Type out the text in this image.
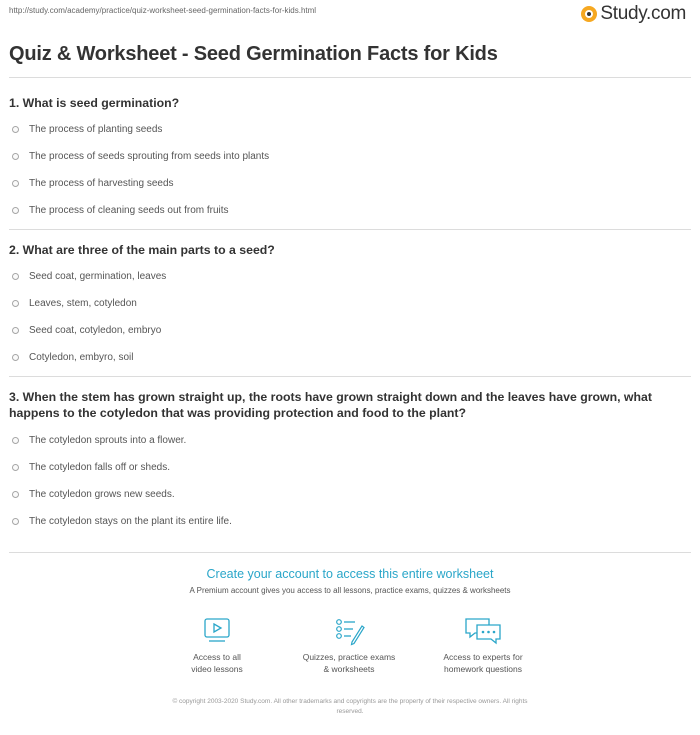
http://study.com/academy/practice/quiz-worksheet-seed-germination-facts-for-kids.html	Study.com
Quiz & Worksheet - Seed Germination Facts for Kids
1. What is seed germination?
The process of planting seeds
The process of seeds sprouting from seeds into plants
The process of harvesting seeds
The process of cleaning seeds out from fruits
2. What are three of the main parts to a seed?
Seed coat, germination, leaves
Leaves, stem, cotyledon
Seed coat, cotyledon, embryo
Cotyledon, embyro, soil
3. When the stem has grown straight up, the roots have grown straight down and the leaves have grown, what happens to the cotyledon that was providing protection and food to the plant?
The cotyledon sprouts into a flower.
The cotyledon falls off or sheds.
The cotyledon grows new seeds.
The cotyledon stays on the plant its entire life.
Create your account to access this entire worksheet
A Premium account gives you access to all lessons, practice exams, quizzes & worksheets
Access to all
video lessons
Quizzes, practice exams
& worksheets
Access to experts for
homework questions
© copyright 2003-2020 Study.com. All other trademarks and copyrights are the property of their respective owners. All rights
reserved.
